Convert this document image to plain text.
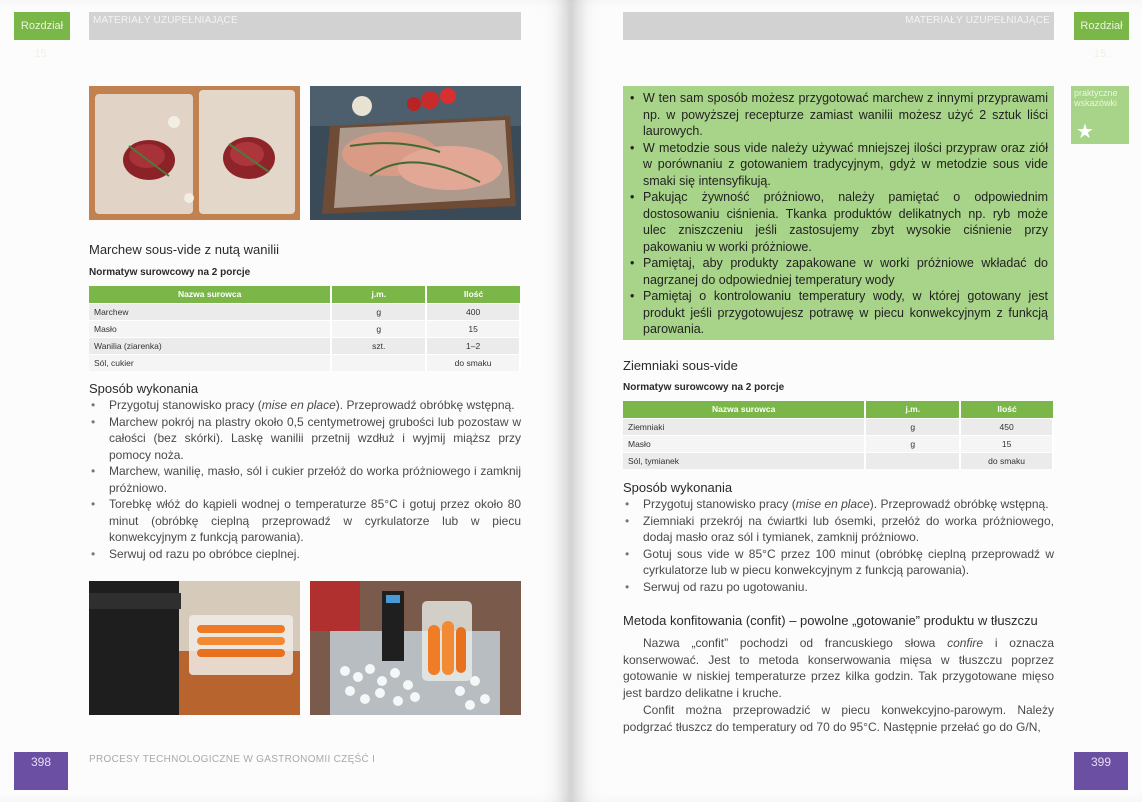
Rozdział 15.
MATERIAŁY UZUPEŁNIAJĄCE
Marchew sous-vide z nutą wanilii
Normatyw surowcowy na 2 porcje
Nazwa surowca	j.m.	Ilość
Marchew	g	400
Masło	g	15
Wanilia (ziarenka)	szt.	1–2
Sól, cukier		do smaku
Sposób wykonania
• Przygotuj stanowisko pracy (mise en place). Przeprowadź obróbkę wstępną.
• Marchew pokrój na plastry około 0,5 centymetrowej grubości lub pozostaw w całości (bez skórki). Laskę wanilii przetnij wzdłuż i wyjmij miąższ przy pomocy noża.
• Marchew, wanilię, masło, sól i cukier przełóż do worka próżniowego i zamknij próżniowo.
• Torebkę włóż do kąpieli wodnej o temperaturze 85°C i gotuj przez około 80 minut (obróbkę cieplną przeprowadź w cyrkulatorze lub w piecu konwekcyjnym z funkcją parowania).
• Serwuj od razu po obróbce cieplnej.
398	PROCESY TECHNOLOGICZNE W GASTRONOMII CZĘŚĆ I
MATERIAŁY UZUPEŁNIAJĄCE	Rozdział 15.
• W ten sam sposób możesz przygotować marchew z innymi przyprawami np. w powyższej recepturze zamiast wanilii możesz użyć 2 sztuk liści laurowych.
• W metodzie sous vide należy używać mniejszej ilości przypraw oraz ziół w porównaniu z gotowaniem tradycyjnym, gdyż w metodzie sous vide smaki się intensyfikują.
• Pakując żywność próżniowo, należy pamiętać o odpowiednim dostosowaniu ciśnienia. Tkanka produktów delikatnych np. ryb może ulec zniszczeniu jeśli zastosujemy zbyt wysokie ciśnienie przy pakowaniu w worki próżniowe.
• Pamiętaj, aby produkty zapakowane w worki próżniowe wkładać do nagrzanej do odpowiedniej temperatury wody
• Pamiętaj o kontrolowaniu temperatury wody, w której gotowany jest produkt jeśli przygotowujesz potrawę w piecu konwekcyjnym z funkcją parowania.
praktyczne wskazówki
★
Ziemniaki sous-vide
Normatyw surowcowy na 2 porcje
Nazwa surowca	j.m.	Ilość
Ziemniaki	g	450
Masło	g	15
Sól, tymianek		do smaku
Sposób wykonania
• Przygotuj stanowisko pracy (mise en place). Przeprowadź obróbkę wstępną.
• Ziemniaki przekrój na ćwiartki lub ósemki, przełóż do worka próżniowego, dodaj masło oraz sól i tymianek, zamknij próżniowo.
• Gotuj sous vide w 85°C przez 100 minut (obróbkę cieplną przeprowadź w cyrkulatorze lub w piecu konwekcyjnym z funkcją parowania).
• Serwuj od razu po ugotowaniu.
Metoda konfitowania (confit) – powolne „gotowanie” produktu w tłuszczu

Nazwa „confit” pochodzi od francuskiego słowa confire i oznacza konserwować. Jest to metoda konserwowania mięsa w tłuszczu poprzez gotowanie w niskiej temperaturze przez kilka godzin. Tak przygotowane mięso jest bardzo delikatne i kruche.

Confit można przeprowadzić w piecu konwekcyjno-parowym. Należy podgrzać tłuszcz do temperatury od 70 do 95°C. Następnie przełać go do G/N,

399
